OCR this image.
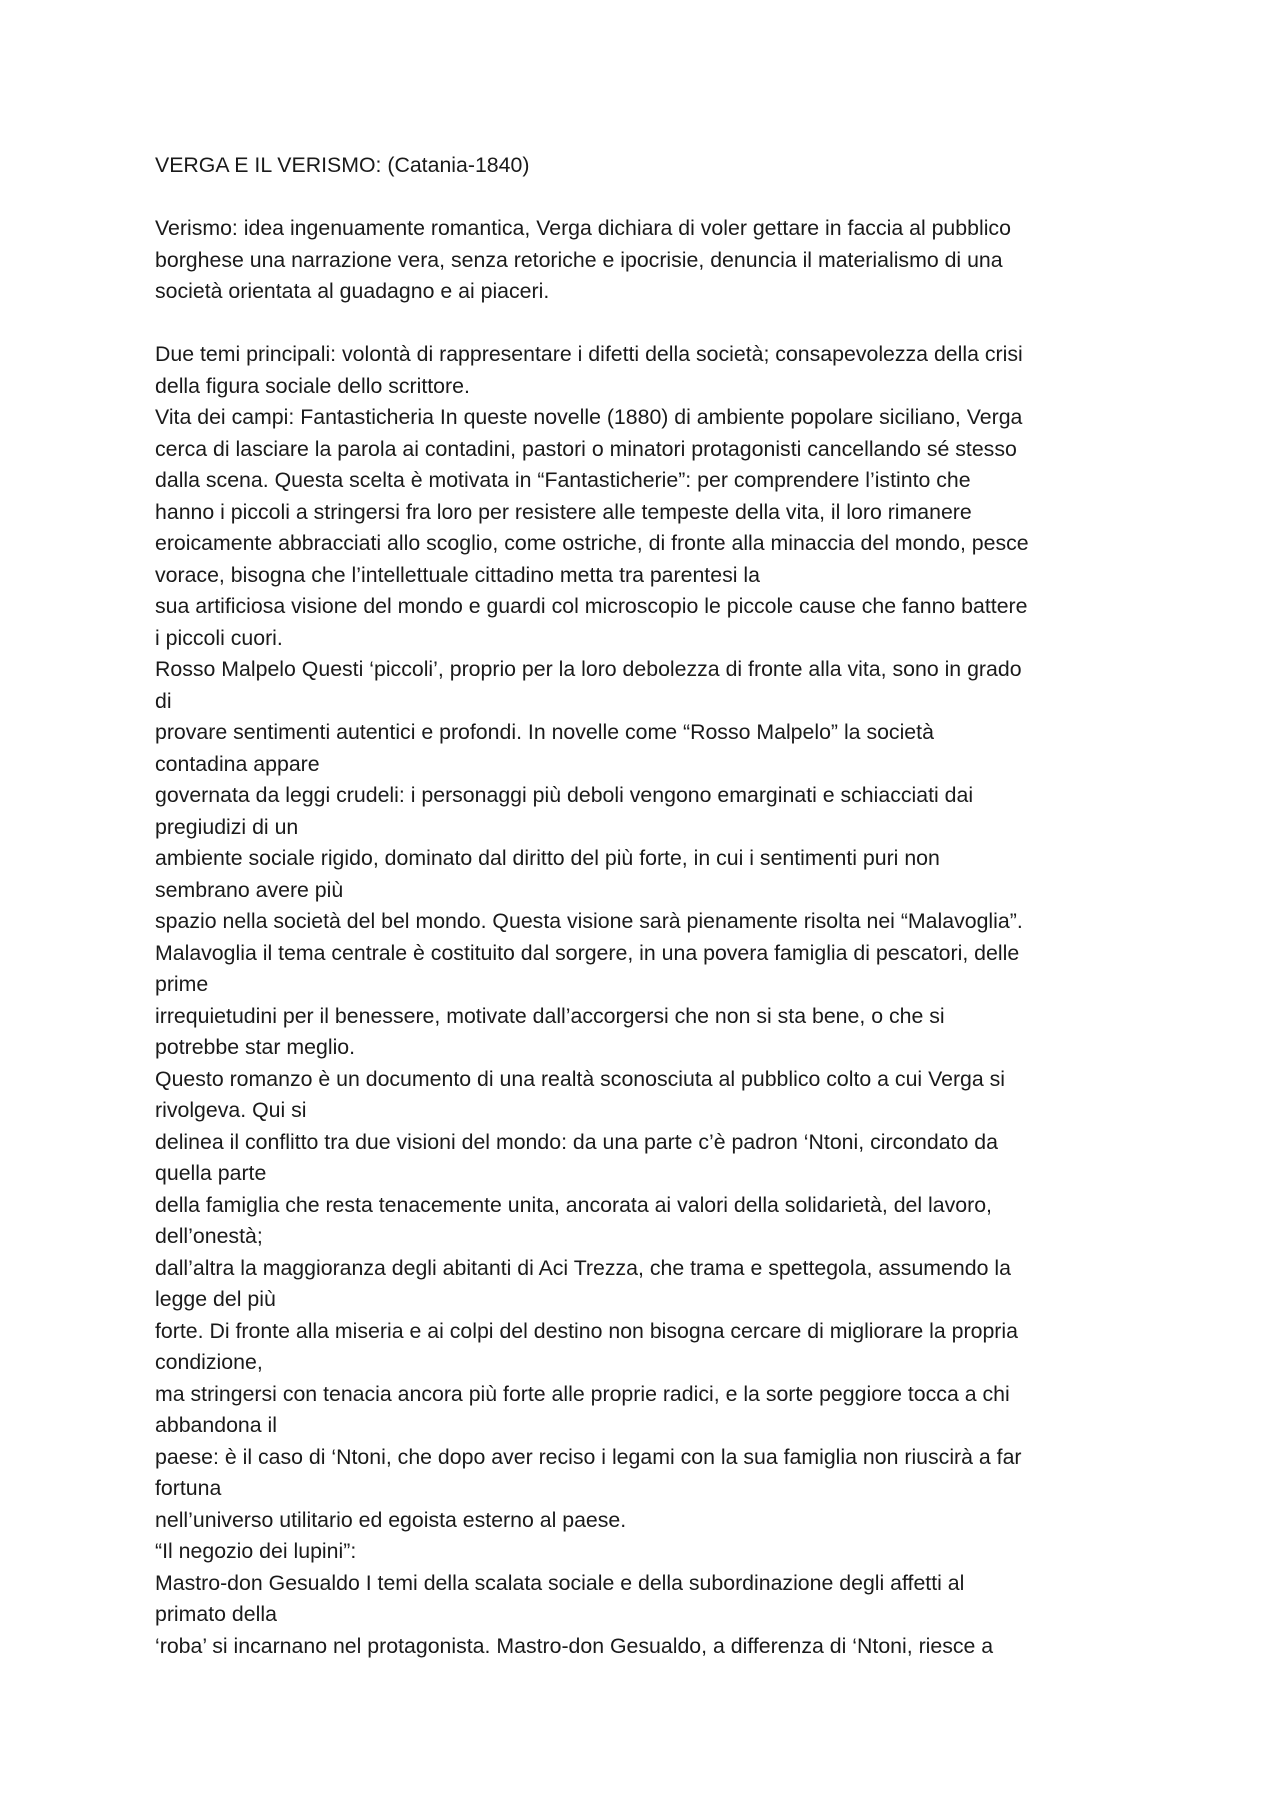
VERGA E IL VERISMO: (Catania-1840)
Verismo: idea ingenuamente romantica, Verga dichiara di voler gettare in faccia al pubblico
borghese una narrazione vera, senza retoriche e ipocrisie, denuncia il materialismo di una
società orientata al guadagno e ai piaceri.
Due temi principali: volontà di rappresentare i difetti della società; consapevolezza della crisi
della figura sociale dello scrittore.
Vita dei campi: Fantasticheria In queste novelle (1880) di ambiente popolare siciliano, Verga
cerca di lasciare la parola ai contadini, pastori o minatori protagonisti cancellando sé stesso
dalla scena. Questa scelta è motivata in “Fantasticherie”: per comprendere l’istinto che
hanno i piccoli a stringersi fra loro per resistere alle tempeste della vita, il loro rimanere
eroicamente abbracciati allo scoglio, come ostriche, di fronte alla minaccia del mondo, pesce
vorace, bisogna che l’intellettuale cittadino metta tra parentesi la
sua artificiosa visione del mondo e guardi col microscopio le piccole cause che fanno battere
i piccoli cuori.
Rosso Malpelo Questi ‘piccoli’, proprio per la loro debolezza di fronte alla vita, sono in grado
di
provare sentimenti autentici e profondi. In novelle come “Rosso Malpelo” la società
contadina appare
governata da leggi crudeli: i personaggi più deboli vengono emarginati e schiacciati dai
pregiudizi di un
ambiente sociale rigido, dominato dal diritto del più forte, in cui i sentimenti puri non
sembrano avere più
spazio nella società del bel mondo. Questa visione sarà pienamente risolta nei “Malavoglia”.
Malavoglia il tema centrale è costituito dal sorgere, in una povera famiglia di pescatori, delle
prime
irrequietudini per il benessere, motivate dall’accorgersi che non si sta bene, o che si
potrebbe star meglio.
Questo romanzo è un documento di una realtà sconosciuta al pubblico colto a cui Verga si
rivolgeva. Qui si
delinea il conflitto tra due visioni del mondo: da una parte c’è padron ‘Ntoni, circondato da
quella parte
della famiglia che resta tenacemente unita, ancorata ai valori della solidarietà, del lavoro,
dell’onestà;
dall’altra la maggioranza degli abitanti di Aci Trezza, che trama e spettegola, assumendo la
legge del più
forte. Di fronte alla miseria e ai colpi del destino non bisogna cercare di migliorare la propria
condizione,
ma stringersi con tenacia ancora più forte alle proprie radici, e la sorte peggiore tocca a chi
abbandona il
paese: è il caso di ‘Ntoni, che dopo aver reciso i legami con la sua famiglia non riuscirà a far
fortuna
nell’universo utilitario ed egoista esterno al paese.
“Il negozio dei lupini”:
Mastro-don Gesualdo I temi della scalata sociale e della subordinazione degli affetti al
primato della
‘roba’ si incarnano nel protagonista. Mastro-don Gesualdo, a differenza di ‘Ntoni, riesce a
